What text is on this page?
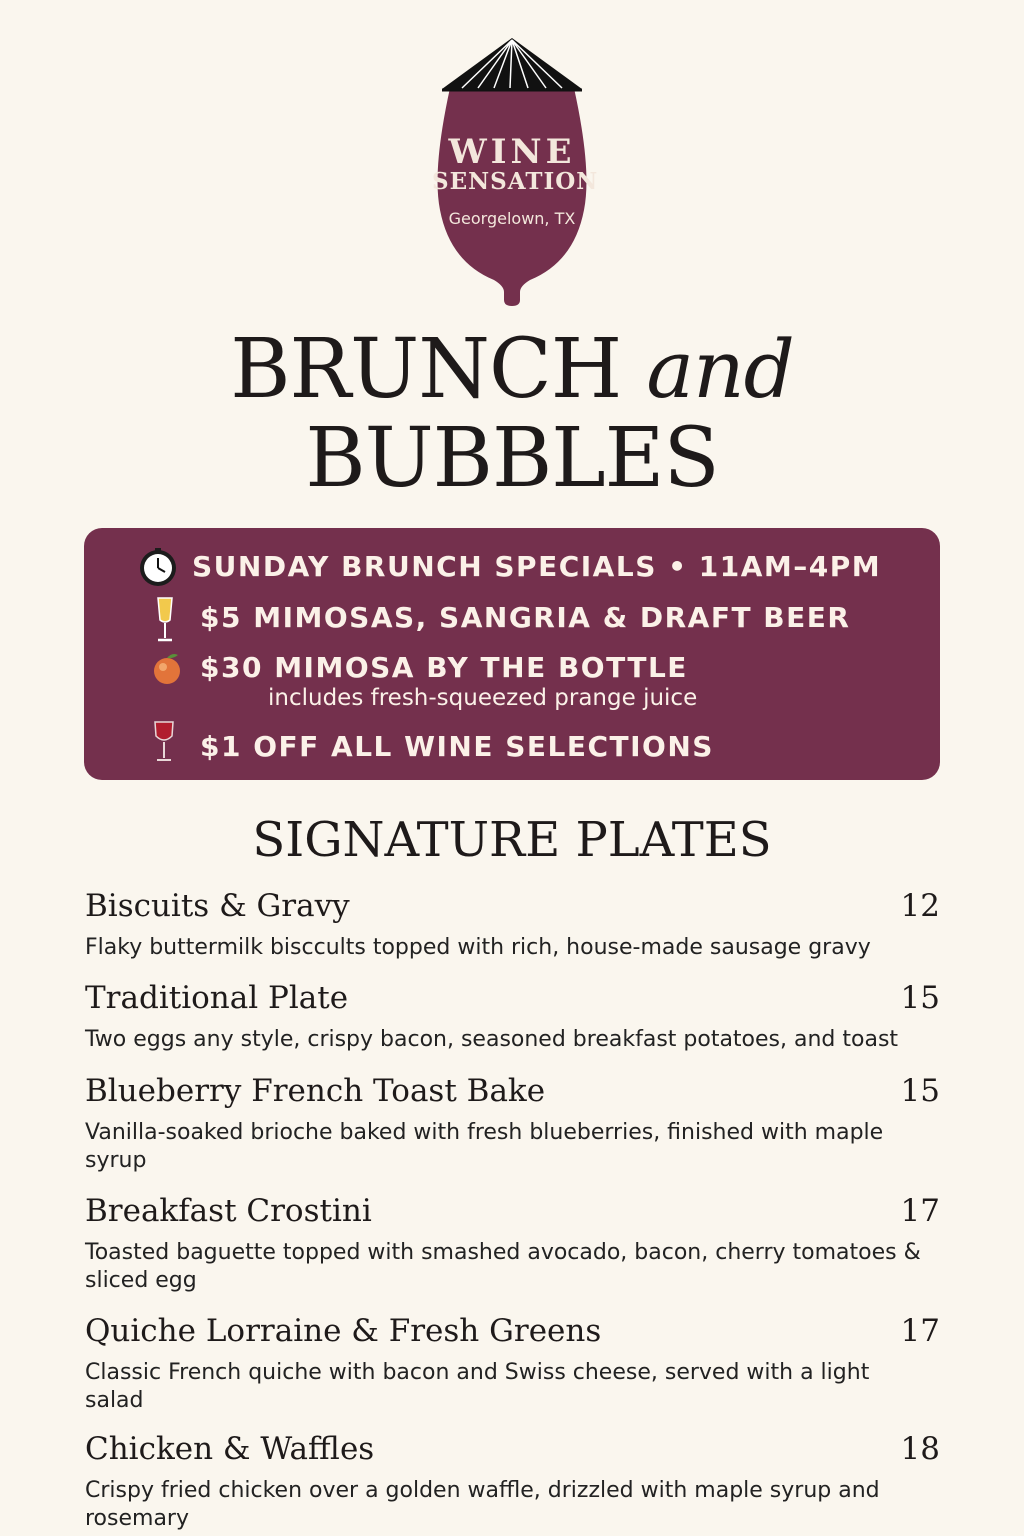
WINE
SENSATION
Georgelown, TX
BRUNCH and
BUBBLES
SUNDAY BRUNCH SPECIALS • 11AM–4PM
$5 MIMOSAS, SANGRIA & DRAFT BEER
$30 MIMOSA BY THE BOTTLE
includes fresh-squeezed prange juice
$1 OFF ALL WINE SELECTIONS
SIGNATURE PLATES
Biscuits & Gravy	12
Flaky buttermilk bisccults topped with rich, house-made sausage gravy
Traditional Plate	15
Two eggs any style, crispy bacon, seasoned breakfast potatoes, and toast
Blueberry French Toast Bake	15
Vanilla-soaked brioche baked with fresh blueberries, finished with maple syrup
Breakfast Crostini	17
Toasted baguette topped with smashed avocado, bacon, cherry tomatoes & sliced egg
Quiche Lorraine & Fresh Greens	17
Classic French quiche with bacon and Swiss cheese, served with a light salad
Chicken & Waffles	18
Crispy fried chicken over a golden waffle, drizzled with maple syrup and rosemary
